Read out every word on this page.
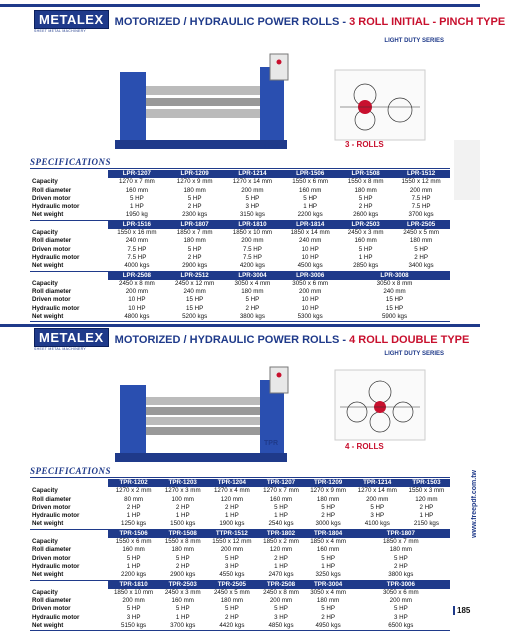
METALEX
SHEET METAL MACHINERY
MOTORIZED / HYDRAULIC POWER ROLLS - 3 ROLL INITIAL - PINCH TYPE
LIGHT DUTY SERIES
LPR	3 - ROLLS
SPECIFICATIONS
	LPR-1207	LPR-1209	LPR-1214	LPR-1506	LPR-1508	LPR-1512
Capacity	1270 x 7 mm	1270 x 9 mm	1270 x 14 mm	1550 x 6 mm	1550 x 8 mm	1550 x 12 mm
Roll diameter	160 mm	180 mm	200 mm	160 mm	180 mm	200 mm
Driven motor	5 HP	5 HP	5 HP	5 HP	5 HP	7.5 HP
Hydraulic motor	1 HP	2 HP	3 HP	1 HP	2 HP	7.5 HP
Net weight	1950 kg	2300 kgs	3150 kgs	2200 kgs	2600 kgs	3700 kgs
	LPR-1516	LPR-1807	LPR-1810	LPR-1814	LPR-2503	LPR-2505
Capacity	1550 x 16 mm	1850 x 7 mm	1850 x 10 mm	1850 x 14 mm	2450 x 3 mm	2450 x 5 mm
Roll diameter	240 mm	180 mm	200 mm	240 mm	160 mm	180 mm
Driven motor	7.5 HP	5 HP	7.5 HP	10 HP	5 HP	5 HP
Hydraulic motor	7.5 HP	2 HP	7.5 HP	10 HP	1 HP	2 HP
Net weight	4000 kgs	2900 kgs	4200 kgs	4500 kgs	2850 kgs	3400 kgs
	LPR-2508	LPR-2512	LPR-3004	LPR-3006	LPR-3008	
Capacity	2450 x 8 mm	2450 x 12 mm	3050 x 4 mm	3050 x 6 mm	3050 x 8 mm	
Roll diameter	200 mm	240 mm	180 mm	200 mm	240 mm	
Driven motor	10 HP	15 HP	5 HP	10 HP	15 HP	
Hydraulic motor	10 HP	15 HP	2 HP	10 HP	15 HP	
Net weight	4800 kgs	5200 kgs	3800 kgs	5300 kgs	5900 kgs	
METALEX
SHEET METAL MACHINERY
MOTORIZED / HYDRAULIC POWER ROLLS - 4 ROLL DOUBLE TYPE
LIGHT DUTY SERIES
TPR	4 - ROLLS
SPECIFICATIONS
	TPR-1202	TPR-1203	TPR-1204	TPR-1207	TPR-1209	TPR-1214	TPR-1503
Capacity	1270 x 2 mm	1270 x 3 mm	1270 x 4 mm	1270 x 7 mm	1270 x 9 mm	1270 x 14 mm	1550 x 3 mm
Roll diameter	80 mm	100 mm	120 mm	160 mm	180 mm	200 mm	120 mm
Driven motor	2 HP	2 HP	2 HP	5 HP	5 HP	5 HP	2 HP
Hydraulic motor	1 HP	1 HP	1 HP	1 HP	2 HP	3 HP	1 HP
Net weight	1250 kgs	1500 kgs	1900 kgs	2540 kgs	3000 kgs	4100 kgs	2150 kgs
	TPR-1506	TPR-1508	TTPR-1512	TPR-1802	TPR-1804	TPR-1807	
Capacity	1550 x 6 mm	1550 x 8 mm	1550 x 12 mm	1850 x 2 mm	1850 x 4 mm	1850 x 7 mm	
Roll diameter	160 mm	180 mm	200 mm	120 mm	160 mm	180 mm	
Driven motor	5 HP	5 HP	5 HP	2 HP	5 HP	5 HP	
Hydraulic motor	1 HP	2 HP	3 HP	1 HP	1 HP	2 HP	
Net weight	2200 kgs	2900 kgs	4550 kgs	2470 kgs	3250 kgs	3800 kgs	
	TPR-1810	TPR-2503	TPR-2505	TPR-2508	TPR-3004	TPR-3006	
Capacity	1850 x 10 mm	2450 x 3 mm	2450 x 5 mm	2450 x 8 mm	3050 x 4 mm	3050 x 6 mm	
Roll diameter	200 mm	160 mm	180 mm	200 mm	180 mm	200 mm	
Driven motor	5 HP	5 HP	5 HP	5 HP	5 HP	5 HP	
Hydraulic motor	3 HP	1 HP	2 HP	3 HP	2 HP	3 HP	
Net weight	5150 kgs	3700 kgs	4420 kgs	4850 kgs	4950 kgs	6500 kgs	
www.freepdf.com.tw
185
